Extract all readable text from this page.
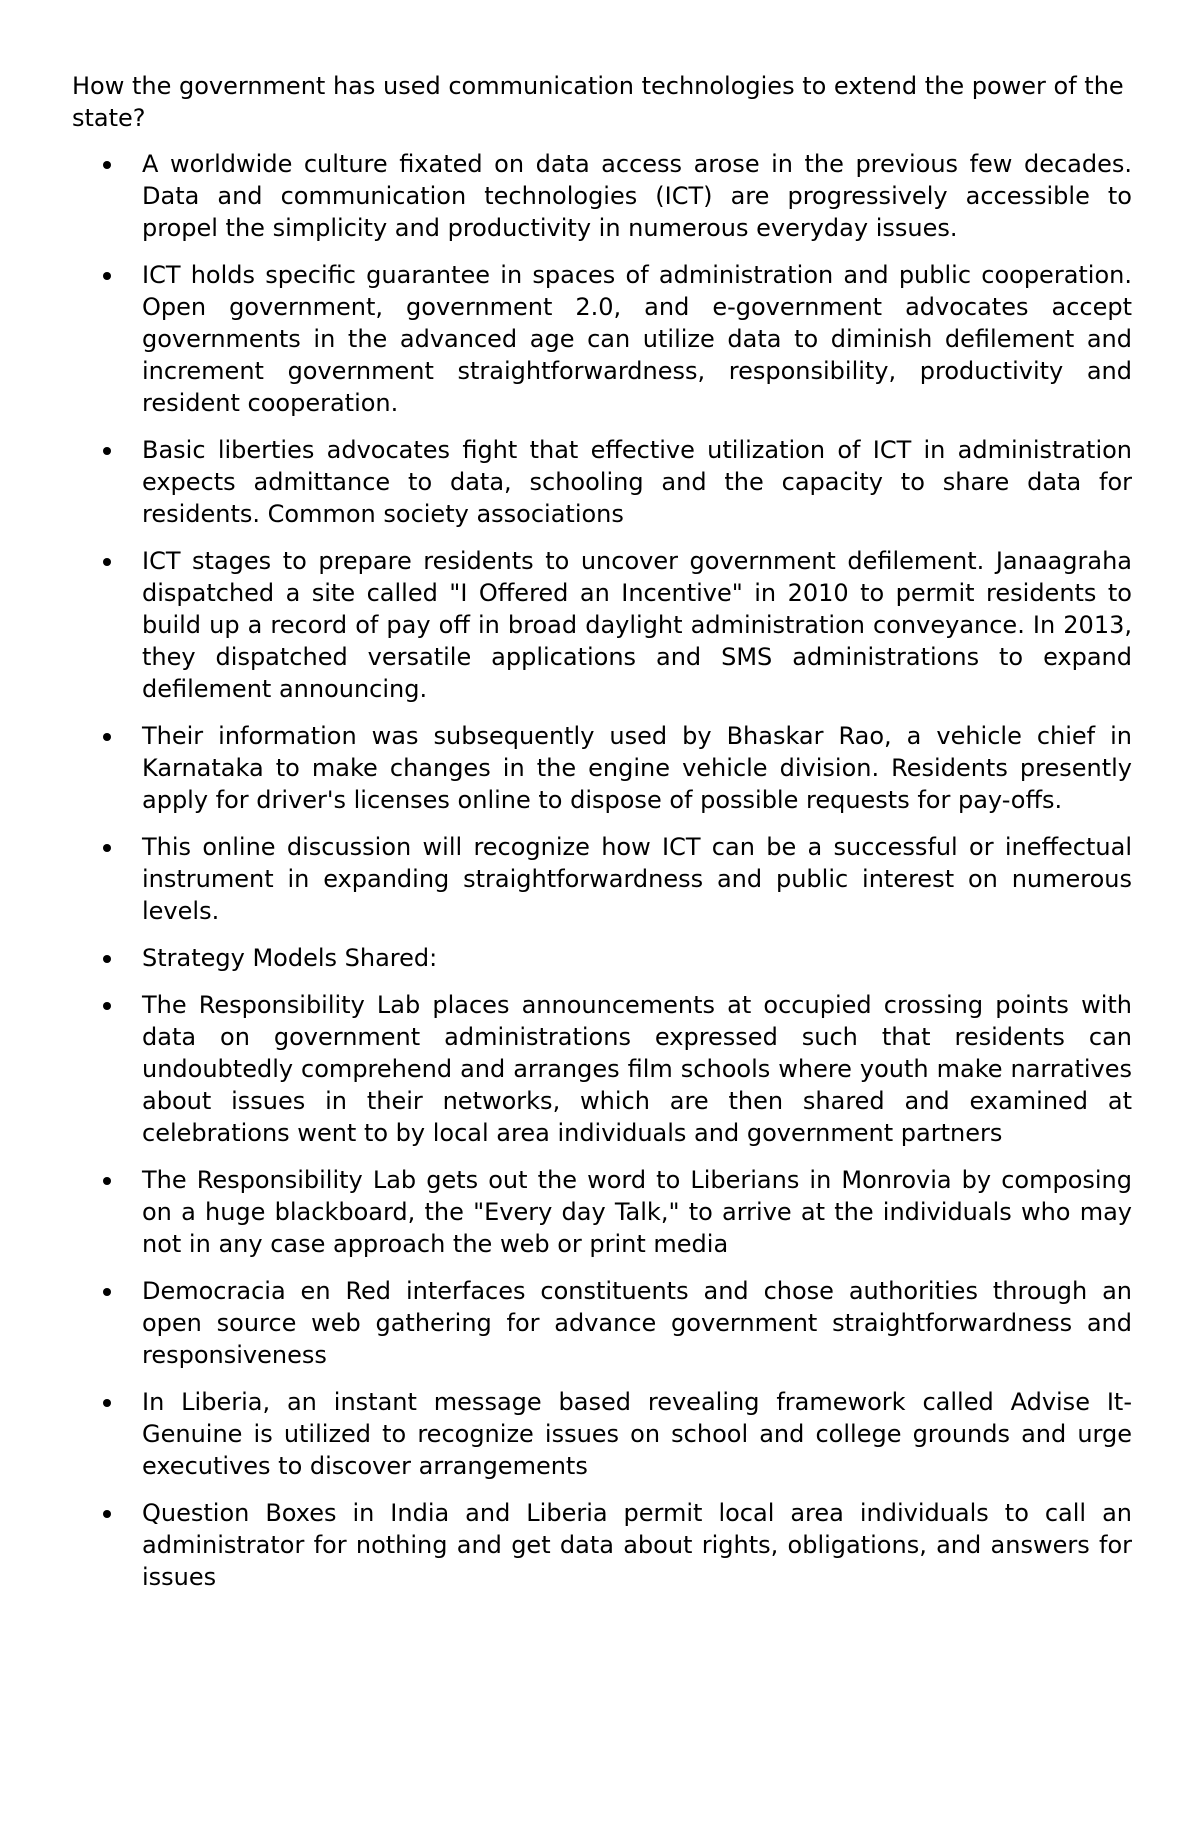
How the government has used communication technologies to extend the power of the state?

A worldwide culture fixated on data access arose in the previous few decades. Data and communication technologies (ICT) are progressively accessible to propel the simplicity and productivity in numerous everyday issues.
ICT holds specific guarantee in spaces of administration and public cooperation. Open government, government 2.0, and e-government advocates accept governments in the advanced age can utilize data to diminish defilement and increment government straightforwardness, responsibility, productivity and resident cooperation.
Basic liberties advocates fight that effective utilization of ICT in administration expects admittance to data, schooling and the capacity to share data for residents. Common society associations
ICT stages to prepare residents to uncover government defilement. Janaagraha dispatched a site called "I Offered an Incentive" in 2010 to permit residents to build up a record of pay off in broad daylight administration conveyance. In 2013, they dispatched versatile applications and SMS administrations to expand defilement announcing.
Their information was subsequently used by Bhaskar Rao, a vehicle chief in Karnataka to make changes in the engine vehicle division. Residents presently apply for driver's licenses online to dispose of possible requests for pay-offs.
This online discussion will recognize how ICT can be a successful or ineffectual instrument in expanding straightforwardness and public interest on numerous levels.
Strategy Models Shared:
The Responsibility Lab places announcements at occupied crossing points with data on government administrations expressed such that residents can undoubtedly comprehend and arranges film schools where youth make narratives about issues in their networks, which are then shared and examined at celebrations went to by local area individuals and government partners
The Responsibility Lab gets out the word to Liberians in Monrovia by composing on a huge blackboard, the "Every day Talk," to arrive at the individuals who may not in any case approach the web or print media
Democracia en Red interfaces constituents and chose authorities through an open source web gathering for advance government straightforwardness and responsiveness
In Liberia, an instant message based revealing framework called Advise It-Genuine is utilized to recognize issues on school and college grounds and urge executives to discover arrangements
Question Boxes in India and Liberia permit local area individuals to call an administrator for nothing and get data about rights, obligations, and answers for issues
